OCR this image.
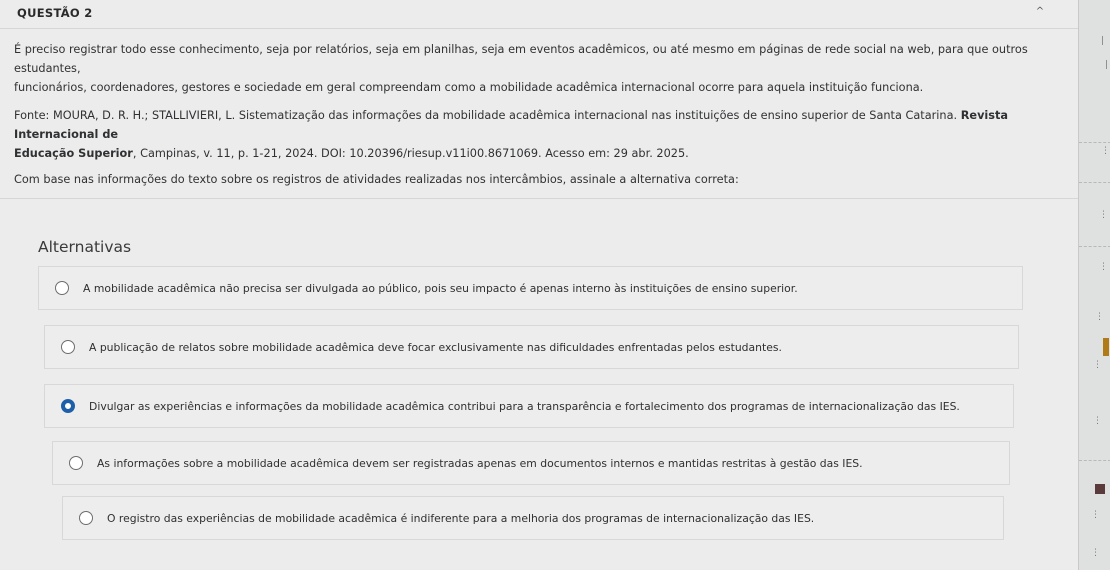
QUESTÃO 2	^

É preciso registrar todo esse conhecimento, seja por relatórios, seja em planilhas, seja em eventos acadêmicos, ou até mesmo em páginas de rede social na web, para que outros estudantes,
funcionários, coordenadores, gestores e sociedade em geral compreendam como a mobilidade acadêmica internacional ocorre para aquela instituição funciona.

Fonte: MOURA, D. R. H.; STALLIVIERI, L. Sistematização das informações da mobilidade acadêmica internacional nas instituições de ensino superior de Santa Catarina. Revista Internacional de
Educação Superior, Campinas, v. 11, p. 1-21, 2024. DOI: 10.20396/riesup.v11i00.8671069. Acesso em: 29 abr. 2025.

Com base nas informações do texto sobre os registros de atividades realizadas nos intercâmbios, assinale a alternativa correta:

Alternativas
A mobilidade acadêmica não precisa ser divulgada ao público, pois seu impacto é apenas interno às instituições de ensino superior.
A publicação de relatos sobre mobilidade acadêmica deve focar exclusivamente nas dificuldades enfrentadas pelos estudantes.
Divulgar as experiências e informações da mobilidade acadêmica contribui para a transparência e fortalecimento dos programas de internacionalização das IES.
As informações sobre a mobilidade acadêmica devem ser registradas apenas em documentos internos e mantidas restritas à gestão das IES.
O registro das experiências de mobilidade acadêmica é indiferente para a melhoria dos programas de internacionalização das IES.
|
|
⋮
⋮
⋮
⋮
⋮
⋮
⋮
⋮
